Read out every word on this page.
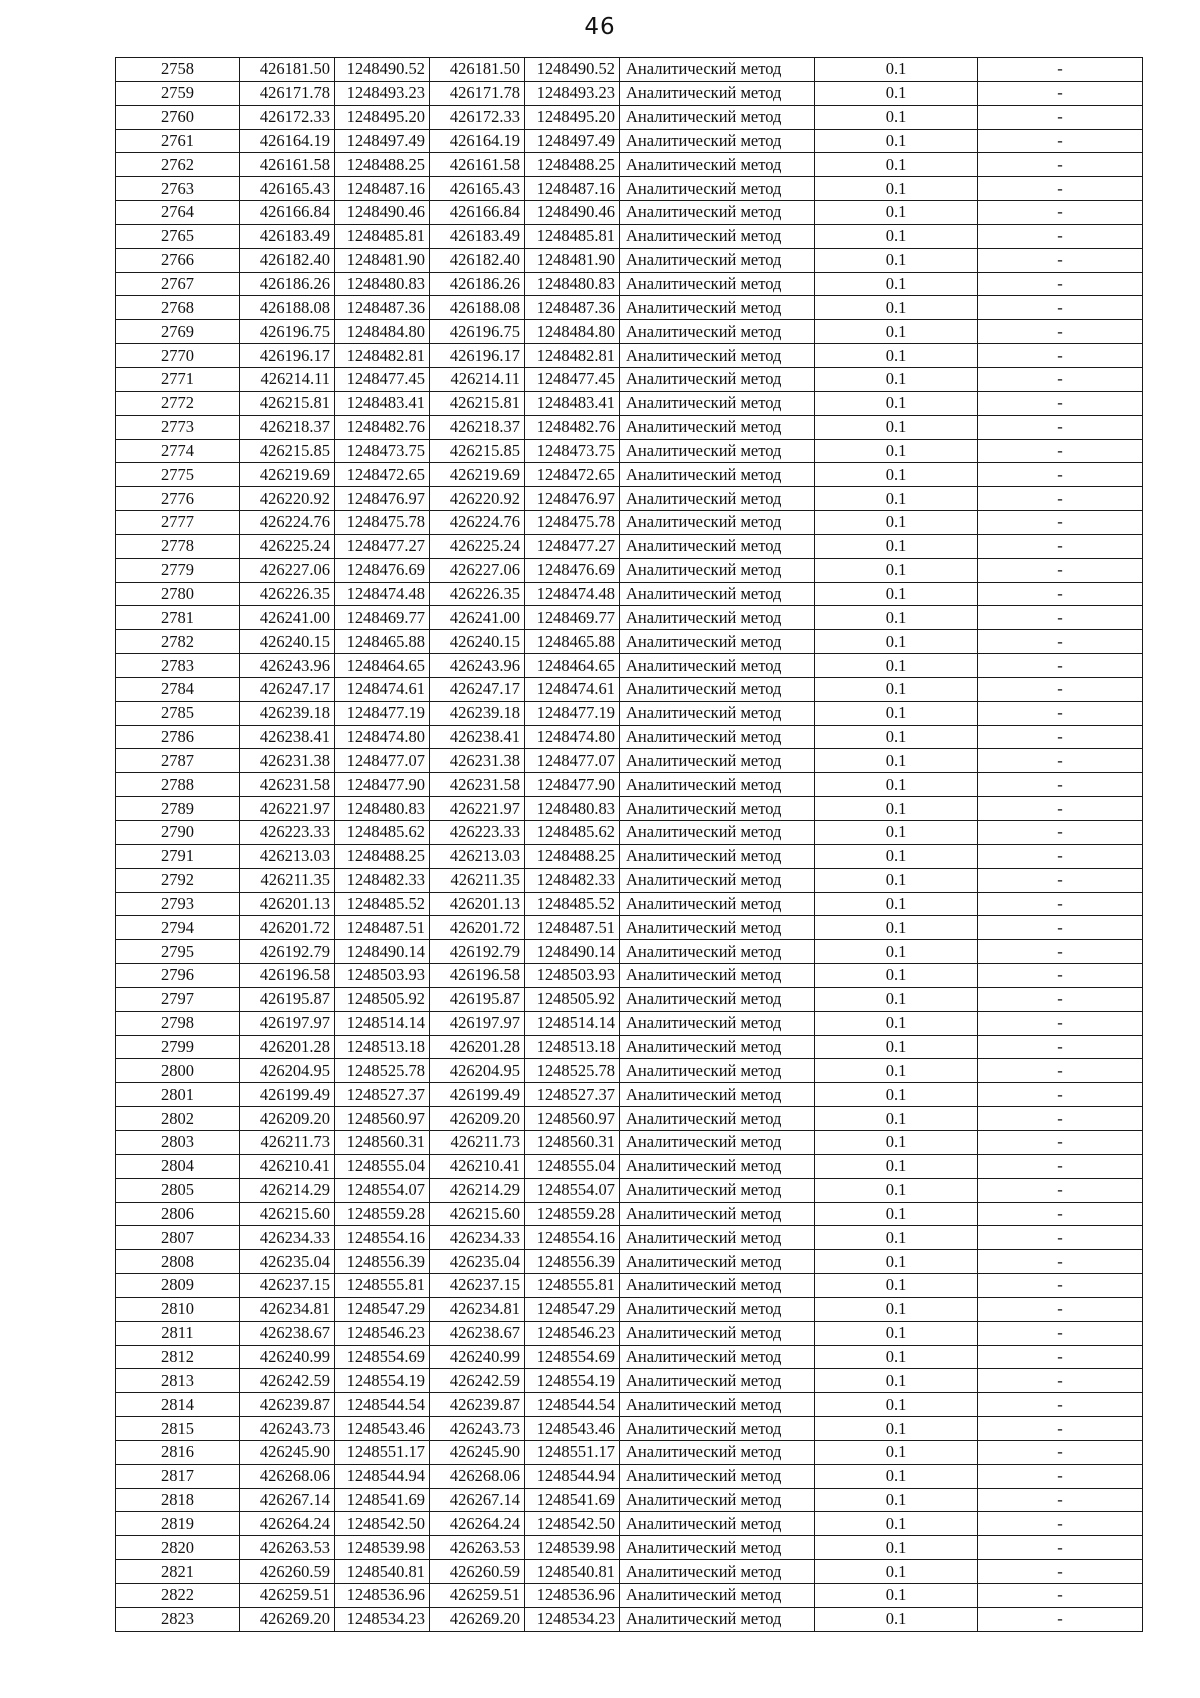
46
2758	426181.50	1248490.52	426181.50	1248490.52	Аналитический метод	0.1	-
2759	426171.78	1248493.23	426171.78	1248493.23	Аналитический метод	0.1	-
2760	426172.33	1248495.20	426172.33	1248495.20	Аналитический метод	0.1	-
2761	426164.19	1248497.49	426164.19	1248497.49	Аналитический метод	0.1	-
2762	426161.58	1248488.25	426161.58	1248488.25	Аналитический метод	0.1	-
2763	426165.43	1248487.16	426165.43	1248487.16	Аналитический метод	0.1	-
2764	426166.84	1248490.46	426166.84	1248490.46	Аналитический метод	0.1	-
2765	426183.49	1248485.81	426183.49	1248485.81	Аналитический метод	0.1	-
2766	426182.40	1248481.90	426182.40	1248481.90	Аналитический метод	0.1	-
2767	426186.26	1248480.83	426186.26	1248480.83	Аналитический метод	0.1	-
2768	426188.08	1248487.36	426188.08	1248487.36	Аналитический метод	0.1	-
2769	426196.75	1248484.80	426196.75	1248484.80	Аналитический метод	0.1	-
2770	426196.17	1248482.81	426196.17	1248482.81	Аналитический метод	0.1	-
2771	426214.11	1248477.45	426214.11	1248477.45	Аналитический метод	0.1	-
2772	426215.81	1248483.41	426215.81	1248483.41	Аналитический метод	0.1	-
2773	426218.37	1248482.76	426218.37	1248482.76	Аналитический метод	0.1	-
2774	426215.85	1248473.75	426215.85	1248473.75	Аналитический метод	0.1	-
2775	426219.69	1248472.65	426219.69	1248472.65	Аналитический метод	0.1	-
2776	426220.92	1248476.97	426220.92	1248476.97	Аналитический метод	0.1	-
2777	426224.76	1248475.78	426224.76	1248475.78	Аналитический метод	0.1	-
2778	426225.24	1248477.27	426225.24	1248477.27	Аналитический метод	0.1	-
2779	426227.06	1248476.69	426227.06	1248476.69	Аналитический метод	0.1	-
2780	426226.35	1248474.48	426226.35	1248474.48	Аналитический метод	0.1	-
2781	426241.00	1248469.77	426241.00	1248469.77	Аналитический метод	0.1	-
2782	426240.15	1248465.88	426240.15	1248465.88	Аналитический метод	0.1	-
2783	426243.96	1248464.65	426243.96	1248464.65	Аналитический метод	0.1	-
2784	426247.17	1248474.61	426247.17	1248474.61	Аналитический метод	0.1	-
2785	426239.18	1248477.19	426239.18	1248477.19	Аналитический метод	0.1	-
2786	426238.41	1248474.80	426238.41	1248474.80	Аналитический метод	0.1	-
2787	426231.38	1248477.07	426231.38	1248477.07	Аналитический метод	0.1	-
2788	426231.58	1248477.90	426231.58	1248477.90	Аналитический метод	0.1	-
2789	426221.97	1248480.83	426221.97	1248480.83	Аналитический метод	0.1	-
2790	426223.33	1248485.62	426223.33	1248485.62	Аналитический метод	0.1	-
2791	426213.03	1248488.25	426213.03	1248488.25	Аналитический метод	0.1	-
2792	426211.35	1248482.33	426211.35	1248482.33	Аналитический метод	0.1	-
2793	426201.13	1248485.52	426201.13	1248485.52	Аналитический метод	0.1	-
2794	426201.72	1248487.51	426201.72	1248487.51	Аналитический метод	0.1	-
2795	426192.79	1248490.14	426192.79	1248490.14	Аналитический метод	0.1	-
2796	426196.58	1248503.93	426196.58	1248503.93	Аналитический метод	0.1	-
2797	426195.87	1248505.92	426195.87	1248505.92	Аналитический метод	0.1	-
2798	426197.97	1248514.14	426197.97	1248514.14	Аналитический метод	0.1	-
2799	426201.28	1248513.18	426201.28	1248513.18	Аналитический метод	0.1	-
2800	426204.95	1248525.78	426204.95	1248525.78	Аналитический метод	0.1	-
2801	426199.49	1248527.37	426199.49	1248527.37	Аналитический метод	0.1	-
2802	426209.20	1248560.97	426209.20	1248560.97	Аналитический метод	0.1	-
2803	426211.73	1248560.31	426211.73	1248560.31	Аналитический метод	0.1	-
2804	426210.41	1248555.04	426210.41	1248555.04	Аналитический метод	0.1	-
2805	426214.29	1248554.07	426214.29	1248554.07	Аналитический метод	0.1	-
2806	426215.60	1248559.28	426215.60	1248559.28	Аналитический метод	0.1	-
2807	426234.33	1248554.16	426234.33	1248554.16	Аналитический метод	0.1	-
2808	426235.04	1248556.39	426235.04	1248556.39	Аналитический метод	0.1	-
2809	426237.15	1248555.81	426237.15	1248555.81	Аналитический метод	0.1	-
2810	426234.81	1248547.29	426234.81	1248547.29	Аналитический метод	0.1	-
2811	426238.67	1248546.23	426238.67	1248546.23	Аналитический метод	0.1	-
2812	426240.99	1248554.69	426240.99	1248554.69	Аналитический метод	0.1	-
2813	426242.59	1248554.19	426242.59	1248554.19	Аналитический метод	0.1	-
2814	426239.87	1248544.54	426239.87	1248544.54	Аналитический метод	0.1	-
2815	426243.73	1248543.46	426243.73	1248543.46	Аналитический метод	0.1	-
2816	426245.90	1248551.17	426245.90	1248551.17	Аналитический метод	0.1	-
2817	426268.06	1248544.94	426268.06	1248544.94	Аналитический метод	0.1	-
2818	426267.14	1248541.69	426267.14	1248541.69	Аналитический метод	0.1	-
2819	426264.24	1248542.50	426264.24	1248542.50	Аналитический метод	0.1	-
2820	426263.53	1248539.98	426263.53	1248539.98	Аналитический метод	0.1	-
2821	426260.59	1248540.81	426260.59	1248540.81	Аналитический метод	0.1	-
2822	426259.51	1248536.96	426259.51	1248536.96	Аналитический метод	0.1	-
2823	426269.20	1248534.23	426269.20	1248534.23	Аналитический метод	0.1	-
